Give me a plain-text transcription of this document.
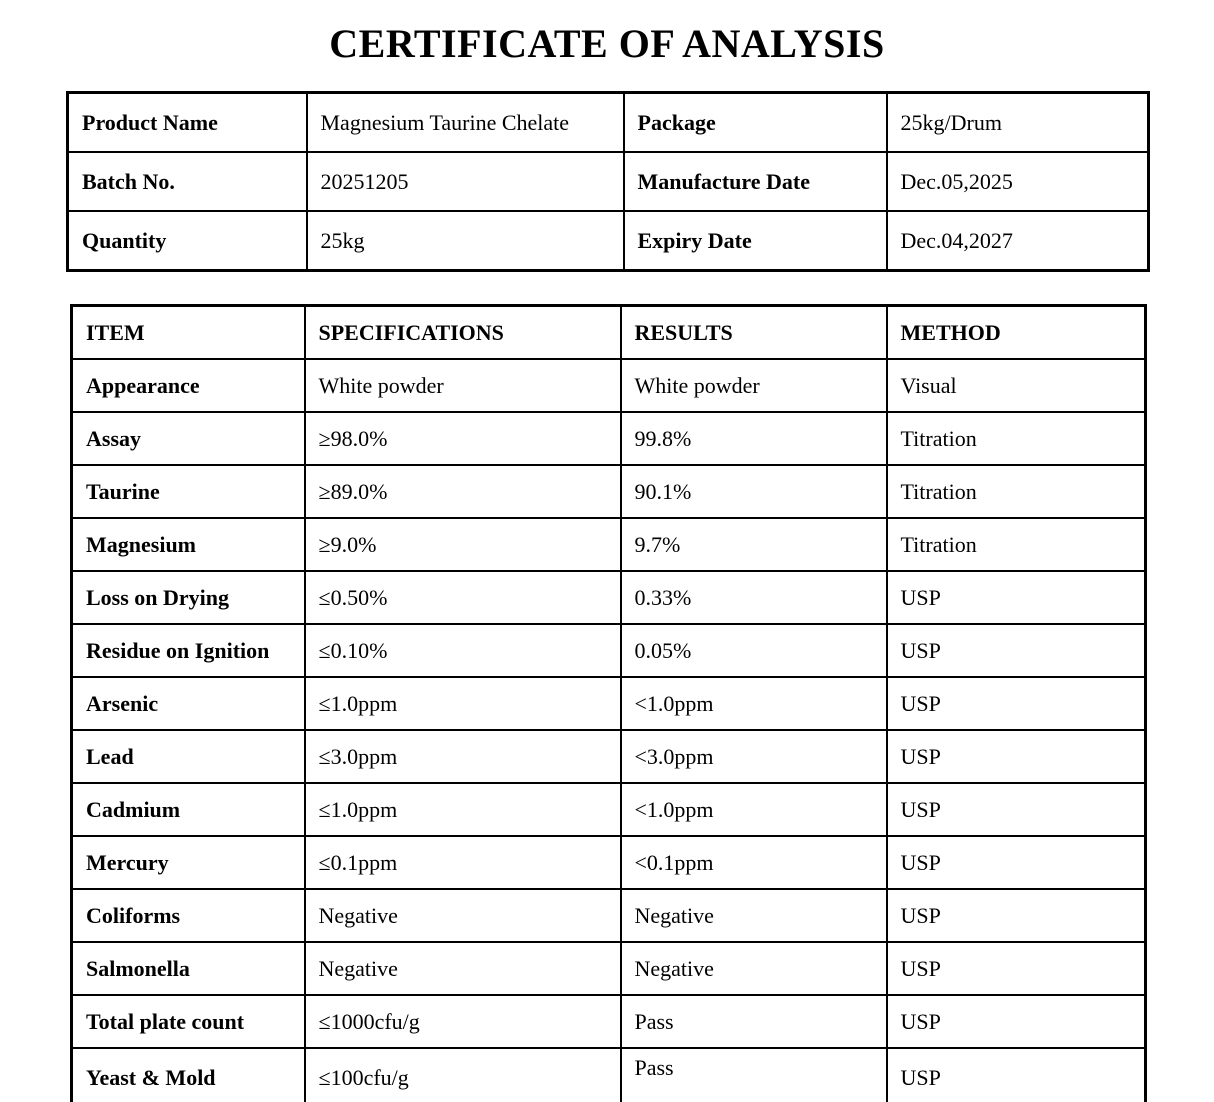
CERTIFICATE OF ANALYSIS
Product Name	Magnesium Taurine Chelate	Package	25kg/Drum
Batch No.	20251205	Manufacture Date	Dec.05,2025
Quantity	25kg	Expiry Date	Dec.04,2027
ITEM	SPECIFICATIONS	RESULTS	METHOD
Appearance	White powder	White powder	Visual
Assay	≥98.0%	99.8%	Titration
Taurine	≥89.0%	90.1%	Titration
Magnesium	≥9.0%	9.7%	Titration
Loss on Drying	≤0.50%	0.33%	USP
Residue on Ignition	≤0.10%	0.05%	USP
Arsenic	≤1.0ppm	<1.0ppm	USP
Lead	≤3.0ppm	<3.0ppm	USP
Cadmium	≤1.0ppm	<1.0ppm	USP
Mercury	≤0.1ppm	<0.1ppm	USP
Coliforms	Negative	Negative	USP
Salmonella	Negative	Negative	USP
Total plate count	≤1000cfu/g	Pass	USP
Yeast & Mold	≤100cfu/g	Pass	USP
